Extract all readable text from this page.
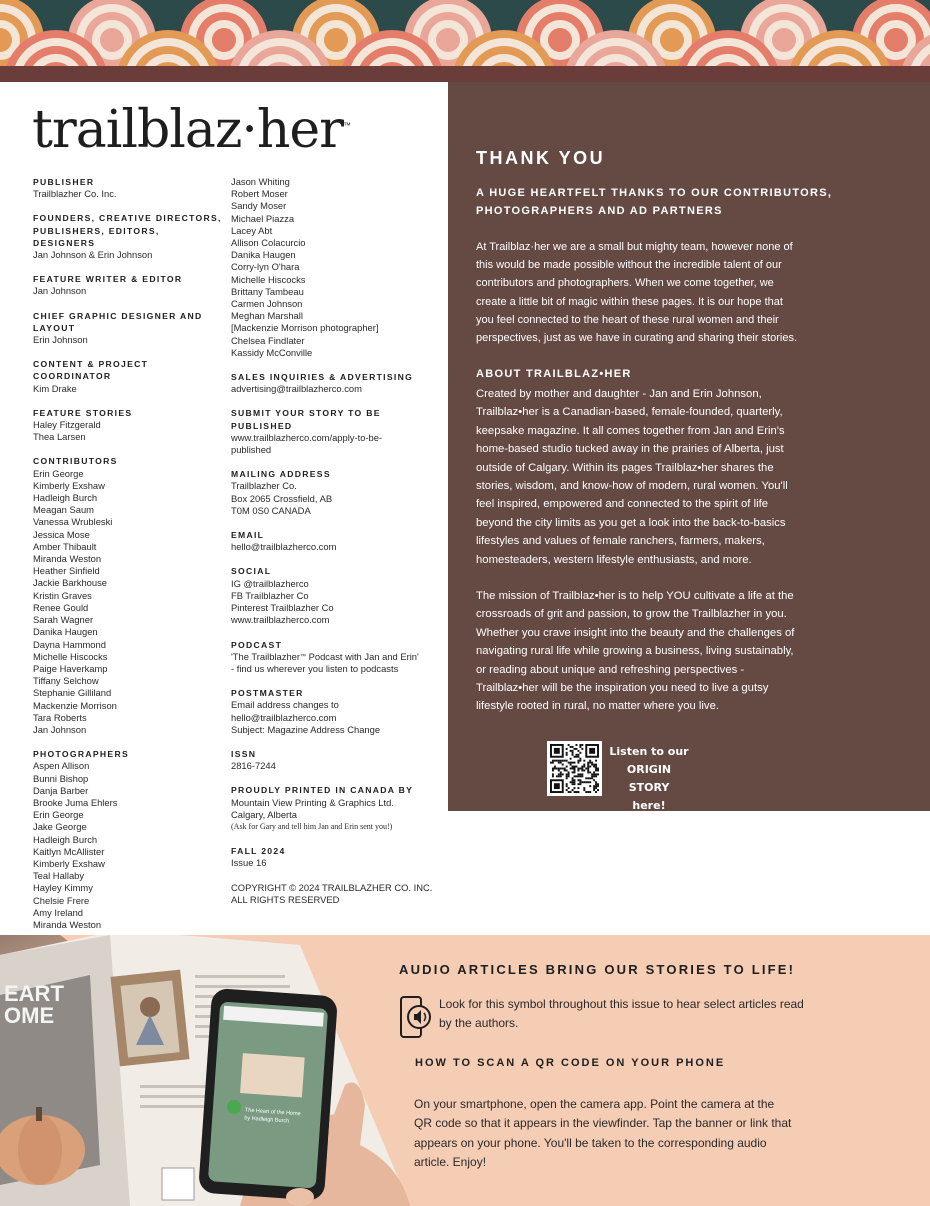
trailblaz·her™
PUBLISHER
Trailblazher Co. Inc.
FOUNDERS, CREATIVE DIRECTORS, PUBLISHERS, EDITORS, DESIGNERS
Jan Johnson & Erin Johnson
FEATURE WRITER & EDITOR
Jan Johnson
CHIEF GRAPHIC DESIGNER AND LAYOUT
Erin Johnson
CONTENT & PROJECT COORDINATOR
Kim Drake
FEATURE STORIES
Haley Fitzgerald
Thea Larsen
CONTRIBUTORS
Erin George
Kimberly Exshaw
Hadleigh Burch
Meagan Saum
Vanessa Wrubleski
Jessica Mose
Amber Thibault
Miranda Weston
Heather Sinfield
Jackie Barkhouse
Kristin Graves
Renee Gould
Sarah Wagner
Danika Haugen
Dayna Hammond
Michelle Hiscocks
Paige Haverkamp
Tiffany Selchow
Stephanie Gilliland
Mackenzie Morrison
Tara Roberts
Jan Johnson
PHOTOGRAPHERS
Aspen Allison
Bunni Bishop
Danja Barber
Brooke Juma Ehlers
Erin George
Jake George
Hadleigh Burch
Kaitlyn McAllister
Kimberly Exshaw
Teal Hallaby
Hayley Kimmy
Chelsie Frere
Amy Ireland
Miranda Weston
Jason Whiting
Robert Moser
Sandy Moser
Michael Piazza
Lacey Abt
Allison Colacurcio
Danika Haugen
Corry-lyn O'hara
Michelle Hiscocks
Brittany Tambeau
Carmen Johnson
Meghan Marshall
[Mackenzie Morrison photographer]
Chelsea Findlater
Kassidy McConville
SALES INQUIRIES & ADVERTISING
advertising@trailblazherco.com
SUBMIT YOUR STORY TO BE PUBLISHED
www.trailblazherco.com/apply-to-be-
published
MAILING ADDRESS
Trailblazher Co.
Box 2065 Crossfield, AB
T0M 0S0 CANADA
EMAIL
hello@trailblazherco.com
SOCIAL
IG @trailblazherco
FB Trailblazher Co
Pinterest Trailblazher Co
www.trailblazherco.com
PODCAST
'The Trailblazher™ Podcast with Jan and Erin'
- find us wherever you listen to podcasts
POSTMASTER
Email address changes to
hello@trailblazherco.com
Subject: Magazine Address Change
ISSN
2816-7244
PROUDLY PRINTED IN CANADA BY
Mountain View Printing & Graphics Ltd.
Calgary, Alberta
(Ask for Gary and tell him Jan and Erin sent you!)
FALL 2024
Issue 16
COPYRIGHT © 2024 TRAILBLAZHER CO. INC.
ALL RIGHTS RESERVED
THANK YOU
A HUGE HEARTFELT THANKS TO OUR CONTRIBUTORS,
PHOTOGRAPHERS AND AD PARTNERS
At Trailblaz·her we are a small but mighty team, however none of
this would be made possible without the incredible talent of our
contributors and photographers. When we come together, we
create a little bit of magic within these pages. It is our hope that
you feel connected to the heart of these rural women and their
perspectives, just as we have in curating and sharing their stories.
ABOUT TRAILBLAZ•HER
Created by mother and daughter - Jan and Erin Johnson,
Trailblaz•her is a Canadian-based, female-founded, quarterly,
keepsake magazine. It all comes together from Jan and Erin's
home-based studio tucked away in the prairies of Alberta, just
outside of Calgary. Within its pages Trailblaz•her shares the
stories, wisdom, and know-how of modern, rural women. You'll
feel inspired, empowered and connected to the spirit of life
beyond the city limits as you get a look into the back-to-basics
lifestyles and values of female ranchers, farmers, makers,
homesteaders, western lifestyle enthusiasts, and more.
The mission of Trailblaz•her is to help YOU cultivate a life at the
crossroads of grit and passion, to grow the Trailblazher in you.
Whether you crave insight into the beauty and the challenges of
navigating rural life while growing a business, living sustainably,
or reading about unique and refreshing perspectives -
Trailblaz•her will be the inspiration you need to live a gutsy
lifestyle rooted in rural, no matter where you live.
Listen to our
ORIGIN STORY
here!
EART
OME
The Heart of the Home
by Hadleigh Burch
AUDIO ARTICLES BRING OUR STORIES TO LIFE!
Look for this symbol throughout this issue to hear select articles read
by the authors.
HOW TO SCAN A QR CODE ON YOUR PHONE
On your smartphone, open the camera app. Point the camera at the
QR code so that it appears in the viewfinder. Tap the banner or link that
appears on your phone. You'll be taken to the corresponding audio
article. Enjoy!
